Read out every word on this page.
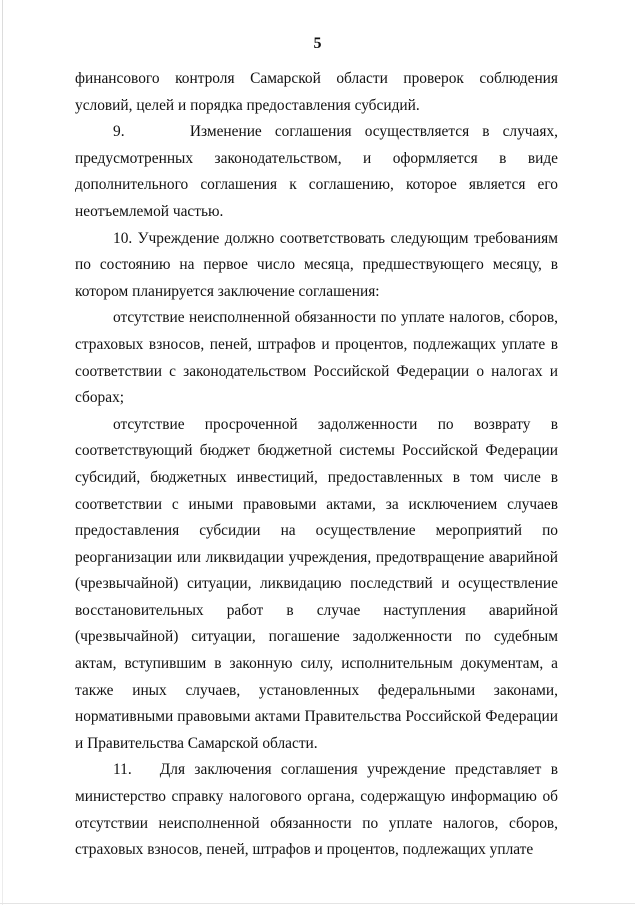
5

финансового контроля Самарской области проверок соблюдения условий, целей и порядка предоставления субсидий.

9.     Изменение соглашения осуществляется в случаях, предусмотренных законодательством, и оформляется в виде дополнительного соглашения к соглашению, которое является его неотъемлемой частью.

10. Учреждение должно соответствовать следующим требованиям по состоянию на первое число месяца, предшествующего месяцу, в котором планируется заключение соглашения:

отсутствие неисполненной обязанности по уплате налогов, сборов, страховых взносов, пеней, штрафов и процентов, подлежащих уплате в соответствии с законодательством Российской Федерации о налогах и сборах;

отсутствие просроченной задолженности по возврату в соответствующий бюджет бюджетной системы Российской Федерации субсидий, бюджетных инвестиций, предоставленных в том числе в соответствии с иными правовыми актами, за исключением случаев предоставления субсидии на осуществление мероприятий по реорганизации или ликвидации учреждения, предотвращение аварийной (чрезвычайной) ситуации, ликвидацию последствий и осуществление восстановительных работ в случае наступления аварийной (чрезвычайной) ситуации, погашение задолженности по судебным актам, вступившим в законную силу, исполнительным документам, а также иных случаев, установленных федеральными законами, нормативными правовыми актами Правительства Российской Федерации и Правительства Самарской области.

11.   Для заключения соглашения учреждение представляет в министерство справку налогового органа, содержащую информацию об отсутствии неисполненной обязанности по уплате налогов, сборов, страховых взносов, пеней, штрафов и процентов, подлежащих уплате
